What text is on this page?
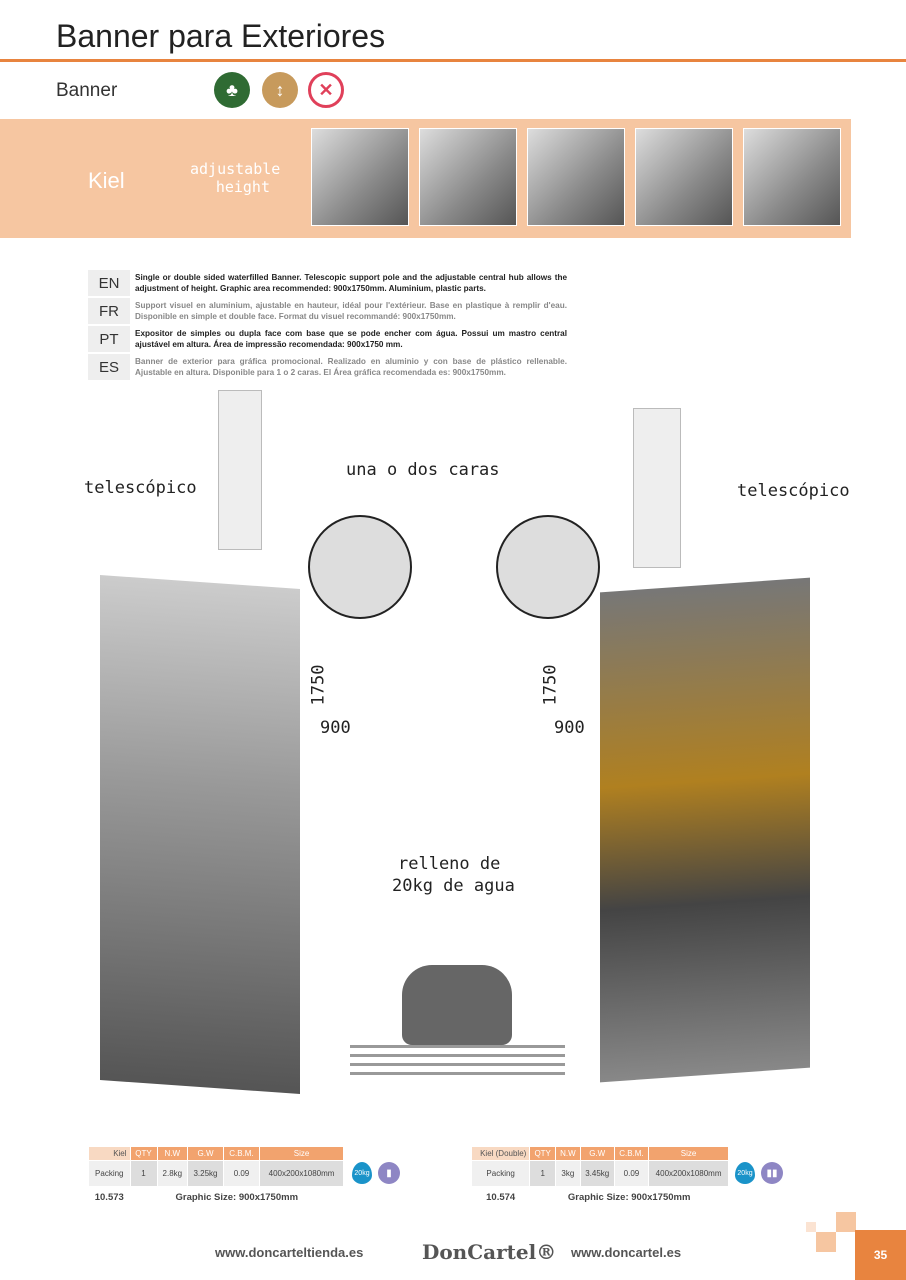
Banner para Exteriores
Banner	♣	↕	✕
Kiel	adjustable
height
EN	Single or double sided waterfilled Banner. Telescopic support pole and the adjustable central hub allows the adjustment of height. Graphic area recommended: 900x1750mm. Aluminium, plastic parts.
FR	Support visuel en aluminium, ajustable en hauteur, idéal pour l'extérieur. Base en plastique à remplir d'eau. Disponible en simple et double face. Format du visuel recommandé: 900x1750mm.
PT	Expositor de simples ou dupla face com base que se pode encher com água. Possui um mastro central ajustável em altura. Área de impressão recomendada: 900x1750 mm.
ES	Banner de exterior para gráfica promocional. Realizado en aluminio y con base de plástico rellenable. Ajustable en altura. Disponible para 1 o 2 caras. El Área gráfica recomendada es: 900x1750mm.
telescópico	telescópico
una o dos caras
1750
900
1750
900
relleno de
20kg de agua
Kiel	QTY	N.W	G.W	C.B.M.	Size
Packing	1	2.8kg	3.25kg	0.09	400x200x1080mm
10.573	Graphic Size: 900x1750mm				
20kg	▮
Kiel (Double)	QTY	N.W	G.W	C.B.M.	Size
Packing	1	3kg	3.45kg	0.09	400x200x1080mm
10.574	Graphic Size: 900x1750mm				
20kg	▮▮
www.doncarteltienda.es	DonCartel® www.doncartel.es	35
